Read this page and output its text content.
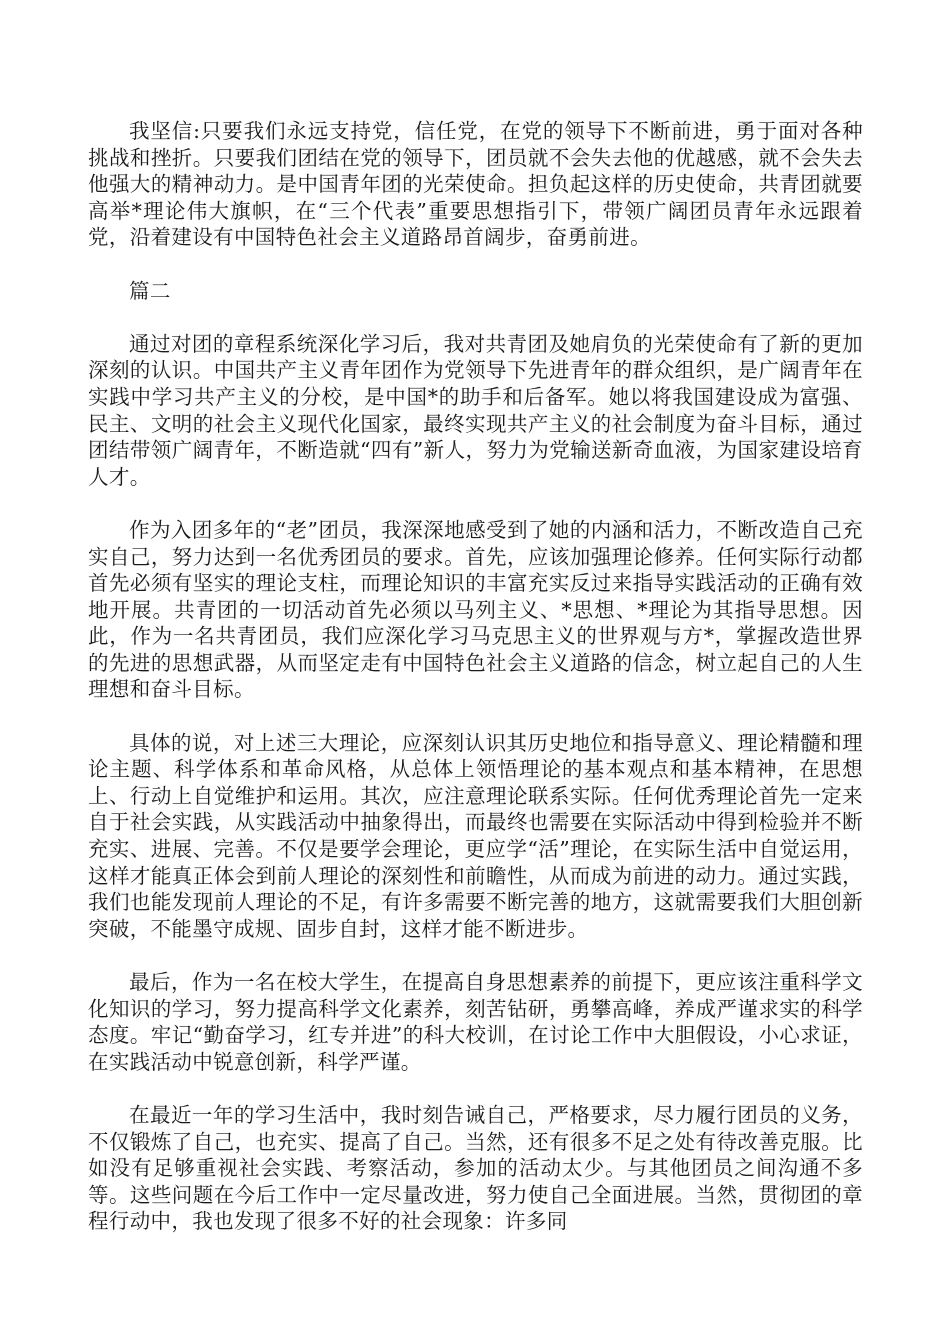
我坚信:只要我们永远支持党，信任党，在党的领导下不断前进，勇于面对各种挑战和挫折。只要我们团结在党的领导下，团员就不会失去他的优越感，就不会失去他强大的精神动力。是中国青年团的光荣使命。担负起这样的历史使命，共青团就要高举*理论伟大旗帜，在“三个代表”重要思想指引下，带领广阔团员青年永远跟着党，沿着建设有中国特色社会主义道路昂首阔步，奋勇前进。

篇二

通过对团的章程系统深化学习后，我对共青团及她肩负的光荣使命有了新的更加深刻的认识。中国共产主义青年团作为党领导下先进青年的群众组织，是广阔青年在实践中学习共产主义的分校，是中国*的助手和后备军。她以将我国建设成为富强、民主、文明的社会主义现代化国家，最终实现共产主义的社会制度为奋斗目标，通过团结带领广阔青年，不断造就“四有”新人，努力为党输送新奇血液，为国家建设培育人才。

作为入团多年的“老”团员，我深深地感受到了她的内涵和活力，不断改造自己充实自己，努力达到一名优秀团员的要求。首先，应该加强理论修养。任何实际行动都首先必须有坚实的理论支柱，而理论知识的丰富充实反过来指导实践活动的正确有效地开展。共青团的一切活动首先必须以马列主义、*思想、*理论为其指导思想。因此，作为一名共青团员，我们应深化学习马克思主义的世界观与方*，掌握改造世界的先进的思想武器，从而坚定走有中国特色社会主义道路的信念，树立起自己的人生理想和奋斗目标。

具体的说，对上述三大理论，应深刻认识其历史地位和指导意义、理论精髓和理论主题、科学体系和革命风格，从总体上领悟理论的基本观点和基本精神，在思想上、行动上自觉维护和运用。其次，应注意理论联系实际。任何优秀理论首先一定来自于社会实践，从实践活动中抽象得出，而最终也需要在实际活动中得到检验并不断充实、进展、完善。不仅是要学会理论，更应学“活”理论，在实际生活中自觉运用，这样才能真正体会到前人理论的深刻性和前瞻性，从而成为前进的动力。通过实践，我们也能发现前人理论的不足，有许多需要不断完善的地方，这就需要我们大胆创新突破，不能墨守成规、固步自封，这样才能不断进步。

最后，作为一名在校大学生，在提高自身思想素养的前提下，更应该注重科学文化知识的学习，努力提高科学文化素养，刻苦钻研，勇攀高峰，养成严谨求实的科学态度。牢记“勤奋学习，红专并进”的科大校训，在讨论工作中大胆假设，小心求证，在实践活动中锐意创新，科学严谨。

在最近一年的学习生活中，我时刻告诫自己，严格要求，尽力履行团员的义务，不仅锻炼了自己，也充实、提高了自己。当然，还有很多不足之处有待改善克服。比如没有足够重视社会实践、考察活动，参加的活动太少。与其他团员之间沟通不多等。这些问题在今后工作中一定尽量改进，努力使自己全面进展。当然，贯彻团的章程行动中，我也发现了很多不好的社会现象：许多同
